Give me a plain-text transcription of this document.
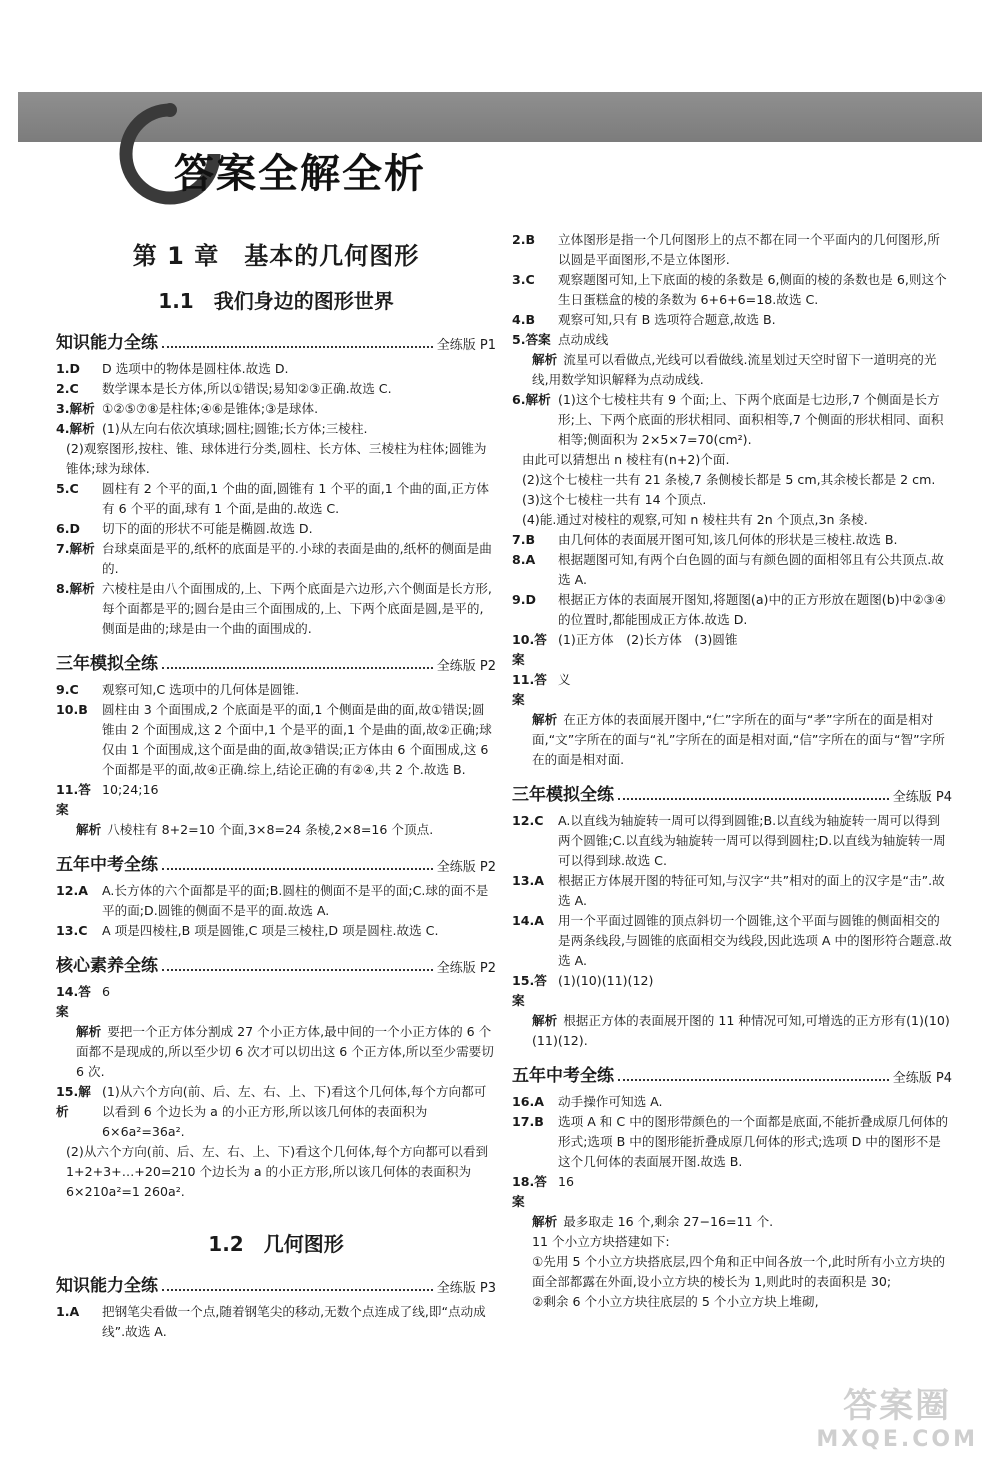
答案全解全析
第 1 章　基本的几何图形
1.1　我们身边的图形世界
知识能力全练	全练版 P1
1.D	D 选项中的物体是圆柱体.故选 D.
2.C	数学课本是长方体,所以①错误;易知②③正确.故选 C.
3.解析 ①②⑤⑦⑧是柱体;④⑥是锥体;③是球体.
4.解析 (1)从左向右依次填球;圆柱;圆锥;长方体;三棱柱.
(2)观察图形,按柱、锥、球体进行分类,圆柱、长方体、三棱柱为柱体;圆锥为锥体;球为球体.
5.C	圆柱有 2 个平的面,1 个曲的面,圆锥有 1 个平的面,1 个曲的面,正方体有 6 个平的面,球有 1 个面,是曲的.故选 C.
6.D	切下的面的形状不可能是椭圆.故选 D.
7.解析 台球桌面是平的,纸杯的底面是平的.小球的表面是曲的,纸杯的侧面是曲的.
8.解析 六棱柱是由八个面围成的,上、下两个底面是六边形,六个侧面是长方形,每个面都是平的;圆台是由三个面围成的,上、下两个底面是圆,是平的,侧面是曲的;球是由一个曲的面围成的.
三年模拟全练	全练版 P2
9.C	观察可知,C 选项中的几何体是圆锥.
10.B	圆柱由 3 个面围成,2 个底面是平的面,1 个侧面是曲的面,故①错误;圆锥由 2 个面围成,这 2 个面中,1 个是平的面,1 个是曲的面,故②正确;球仅由 1 个面围成,这个面是曲的面,故③错误;正方体由 6 个面围成,这 6 个面都是平的面,故④正确.综上,结论正确的有②④,共 2 个.故选 B.
11.答案
10;24;16
解析 八棱柱有 8+2=10 个面,3×8=24 条棱,2×8=16 个顶点.
五年中考全练	全练版 P2
12.A	A.长方体的六个面都是平的面;B.圆柱的侧面不是平的面;C.球的面不是平的面;D.圆锥的侧面不是平的面.故选 A.
13.C	A 项是四棱柱,B 项是圆锥,C 项是三棱柱,D 项是圆柱.故选 C.
核心素养全练	全练版 P2
14.答案
6
解析 要把一个正方体分割成 27 个小正方体,最中间的一个小正方体的 6 个面都不是现成的,所以至少切 6 次才可以切出这 6 个正方体,所以至少需要切 6 次.
15.解析
(1)从六个方向(前、后、左、右、上、下)看这个几何体,每个方向都可以看到 6 个边长为 a 的小正方形,所以该几何体的表面积为 6×6a²=36a².
(2)从六个方向(前、后、左、右、上、下)看这个几何体,每个方向都可以看到 1+2+3+…+20=210 个边长为 a 的小正方形,所以该几何体的表面积为 6×210a²=1 260a².
1.2　几何图形
知识能力全练	全练版 P3
1.A	把钢笔尖看做一个点,随着钢笔尖的移动,无数个点连成了线,即“点动成线”.故选 A.
2.B	立体图形是指一个几何图形上的点不都在同一个平面内的几何图形,所以圆是平面图形,不是立体图形.
3.C	观察题图可知,上下底面的棱的条数是 6,侧面的棱的条数也是 6,则这个生日蛋糕盒的棱的条数为 6+6+6=18.故选 C.
4.B	观察可知,只有 B 选项符合题意,故选 B.
5.答案 点动成线
解析 流星可以看做点,光线可以看做线.流星划过天空时留下一道明亮的光线,用数学知识解释为点动成线.
6.解析 (1)这个七棱柱共有 9 个面;上、下两个底面是七边形,7 个侧面是长方形;上、下两个底面的形状相同、面积相等,7 个侧面的形状相同、面积相等;侧面积为 2×5×7=70(cm²).
由此可以猜想出 n 棱柱有(n+2)个面.
(2)这个七棱柱一共有 21 条棱,7 条侧棱长都是 5 cm,其余棱长都是 2 cm.
(3)这个七棱柱一共有 14 个顶点.
(4)能.通过对棱柱的观察,可知 n 棱柱共有 2n 个顶点,3n 条棱.
7.B	由几何体的表面展开图可知,该几何体的形状是三棱柱.故选 B.
8.A	根据题图可知,有两个白色圆的面与有颜色圆的面相邻且有公共顶点.故选 A.
9.D	根据正方体的表面展开图知,将题图(a)中的正方形放在题图(b)中②③④的位置时,都能围成正方体.故选 D.
10.答案
(1)正方体　(2)长方体　(3)圆锥
11.答案
义
解析 在正方体的表面展开图中,“仁”字所在的面与“孝”字所在的面是相对面,“文”字所在的面与“礼”字所在的面是相对面,“信”字所在的面与“智”字所在的面是相对面.
三年模拟全练	全练版 P4
12.C	A.以直线为轴旋转一周可以得到圆锥;B.以直线为轴旋转一周可以得到两个圆锥;C.以直线为轴旋转一周可以得到圆柱;D.以直线为轴旋转一周可以得到球.故选 C.
13.A	根据正方体展开图的特征可知,与汉字“共”相对的面上的汉字是“击”.故选 A.
14.A	用一个平面过圆锥的顶点斜切一个圆锥,这个平面与圆锥的侧面相交的是两条线段,与圆锥的底面相交为线段,因此选项 A 中的图形符合题意.故选 A.
15.答案
(1)(10)(11)(12)
解析 根据正方体的表面展开图的 11 种情况可知,可增选的正方形有(1)(10)(11)(12).
五年中考全练	全练版 P4
16.A	动手操作可知选 A.
17.B	选项 A 和 C 中的图形带颜色的一个面都是底面,不能折叠成原几何体的形式;选项 B 中的图形能折叠成原几何体的形式;选项 D 中的图形不是这个几何体的表面展开图.故选 B.
18.答案
16
解析 最多取走 16 个,剩余 27−16=11 个.
11 个小立方块搭建如下:
①先用 5 个小立方块搭底层,四个角和正中间各放一个,此时所有小立方块的面全部都露在外面,设小立方块的棱长为 1,则此时的表面积是 30;
②剩余 6 个小立方块往底层的 5 个小立方块上堆砌,
答案圈
MXQE.COM
